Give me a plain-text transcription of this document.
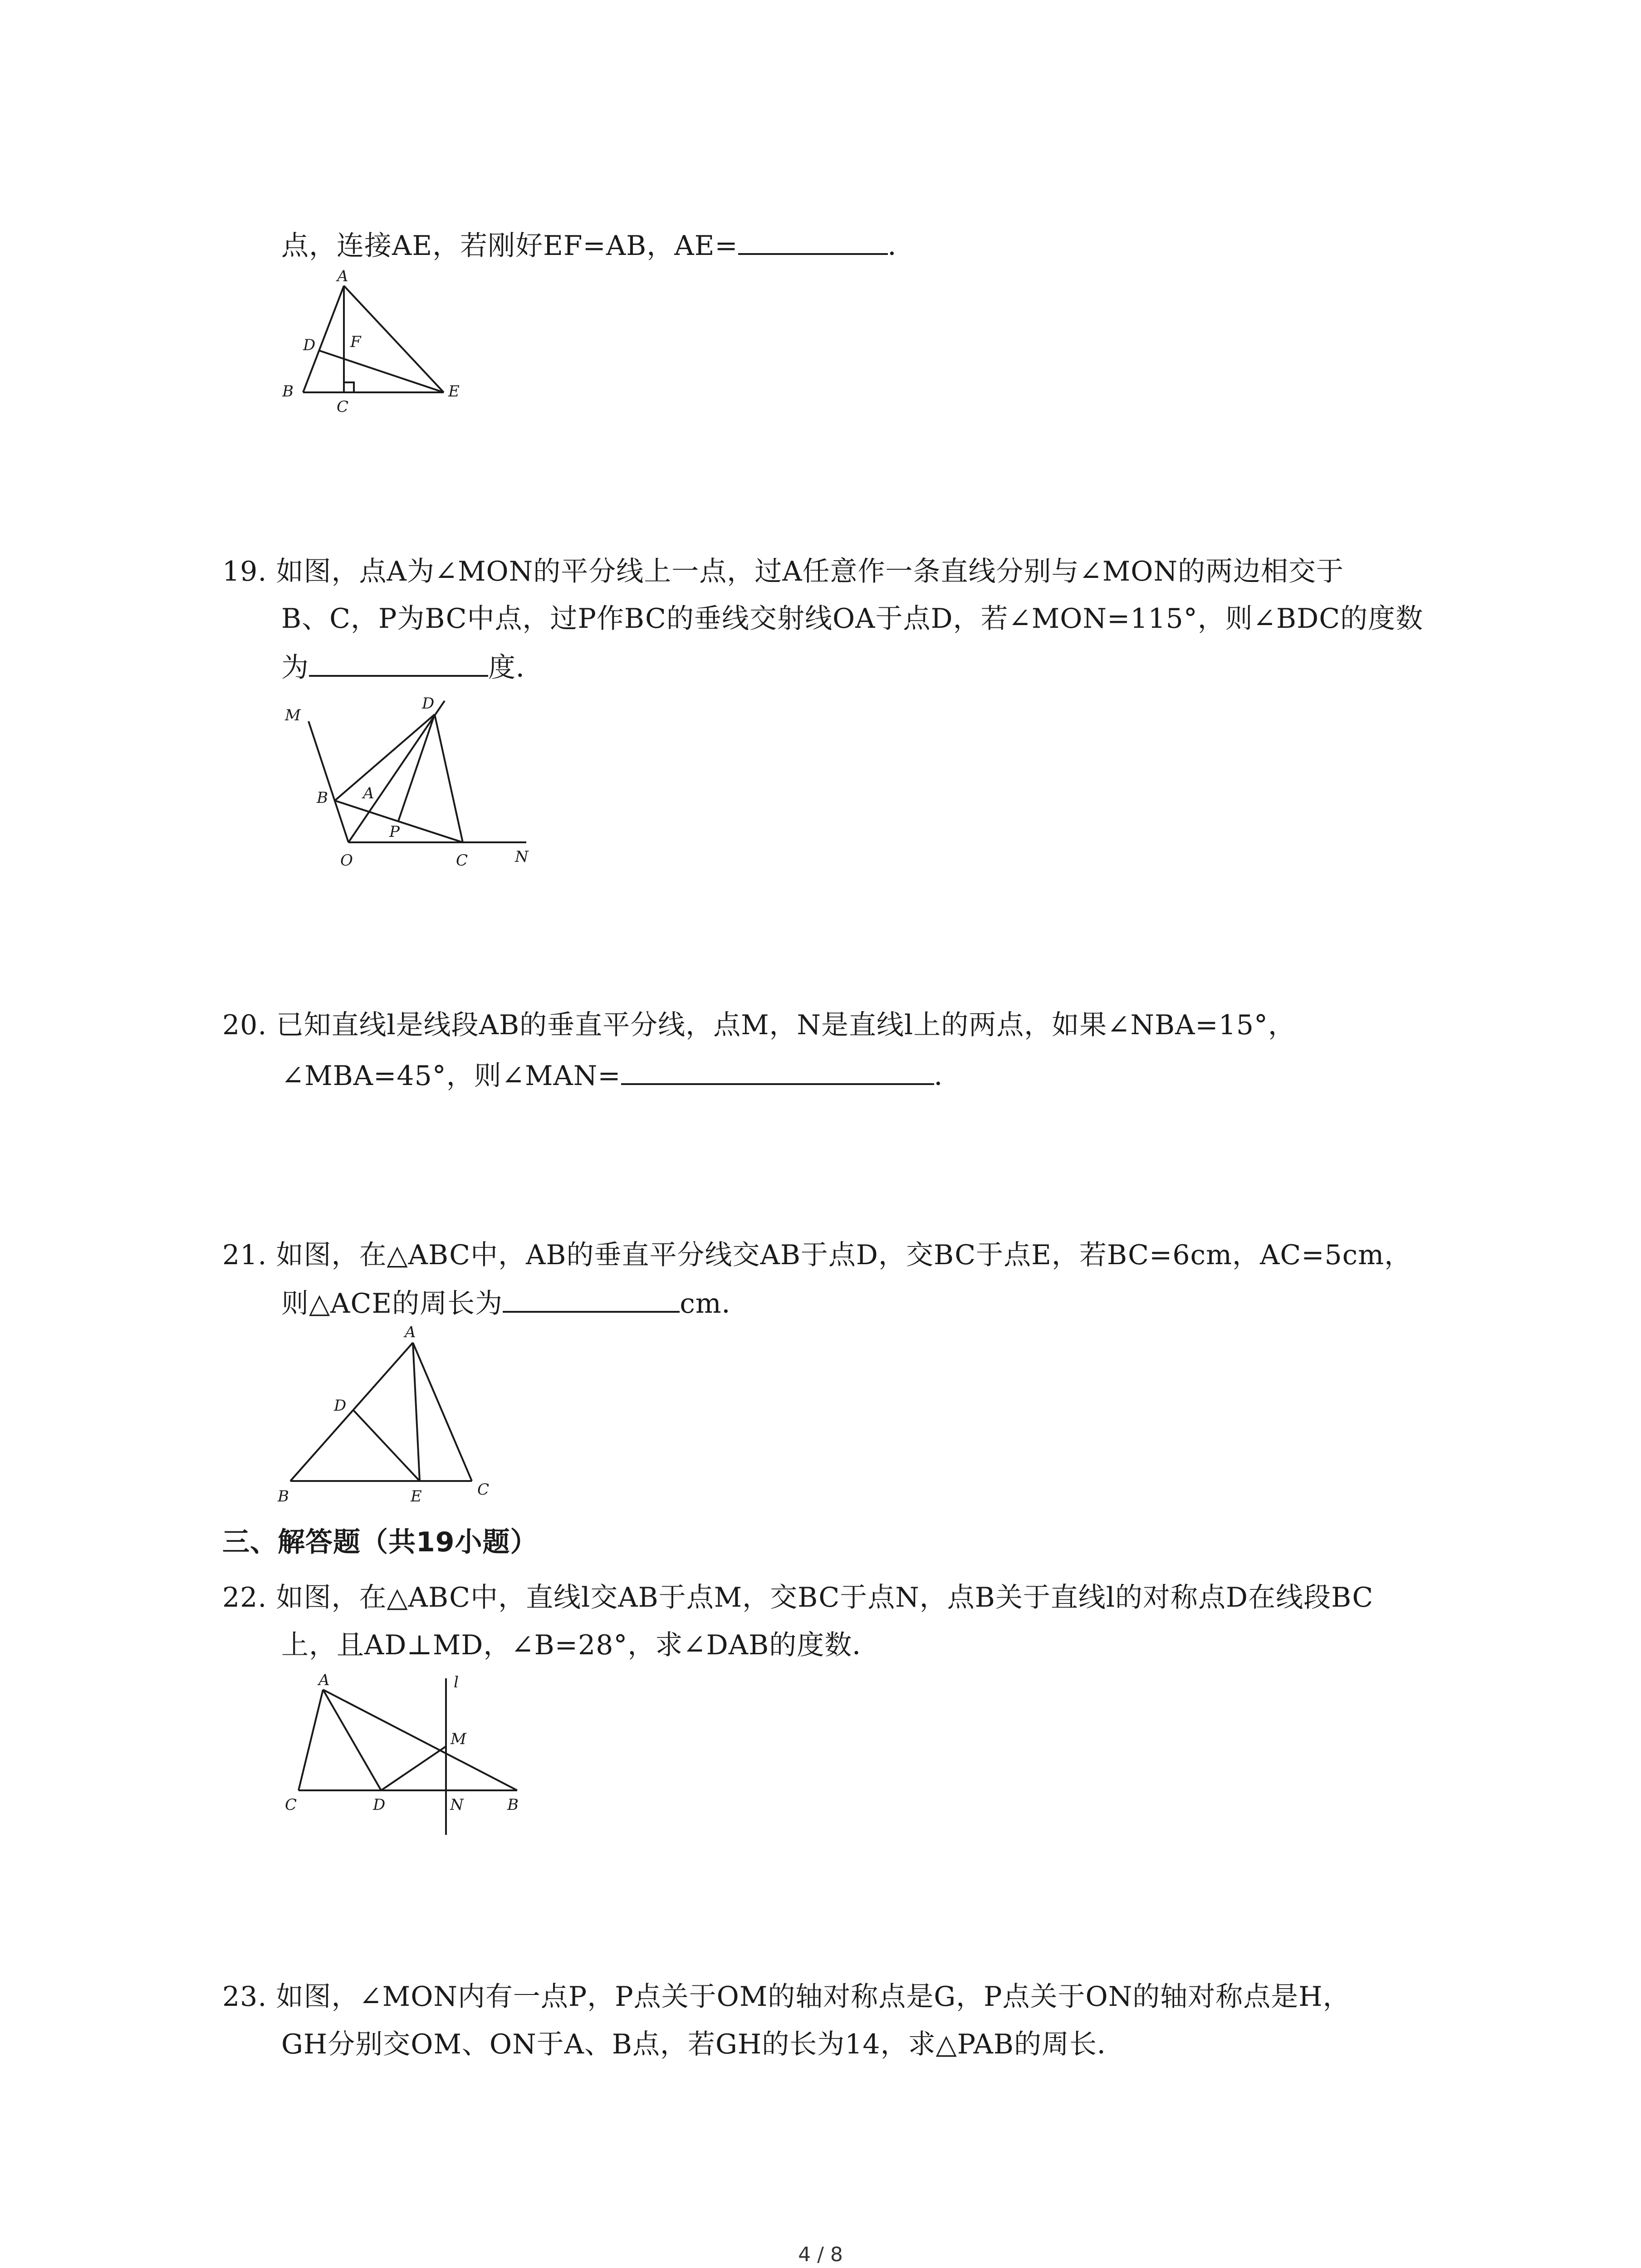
点，连接AE，若刚好EF=AB，AE=	．
A
D F
B
C
E
19. 如图，点A为∠MON的平分线上一点，过A任意作一条直线分别与∠MON的两边相交于
B、C，P为BC中点，过P作BC的垂线交射线OA于点D，若∠MON=115°，则∠BDC的度数
为	度．
M
D
B A
P
O	C	N
20. 已知直线l是线段AB的垂直平分线，点M，N是直线l上的两点，如果∠NBA=15°，
∠MBA=45°，则∠MAN=	．
21. 如图，在△ABC中，AB的垂直平分线交AB于点D，交BC于点E，若BC=6cm，AC=5cm，
则△ACE的周长为	cm．
A
D
B	E	C
三、解答题（共19小题）
22. 如图，在△ABC中，直线l交AB于点M，交BC于点N，点B关于直线l的对称点D在线段BC
上，且AD⊥MD，∠B=28°，求∠DAB的度数．
A	l
M
C	D	N	B
23. 如图，∠MON内有一点P，P点关于OM的轴对称点是G，P点关于ON的轴对称点是H，
GH分别交OM、ON于A、B点，若GH的长为14，求△PAB的周长．
4 / 8
